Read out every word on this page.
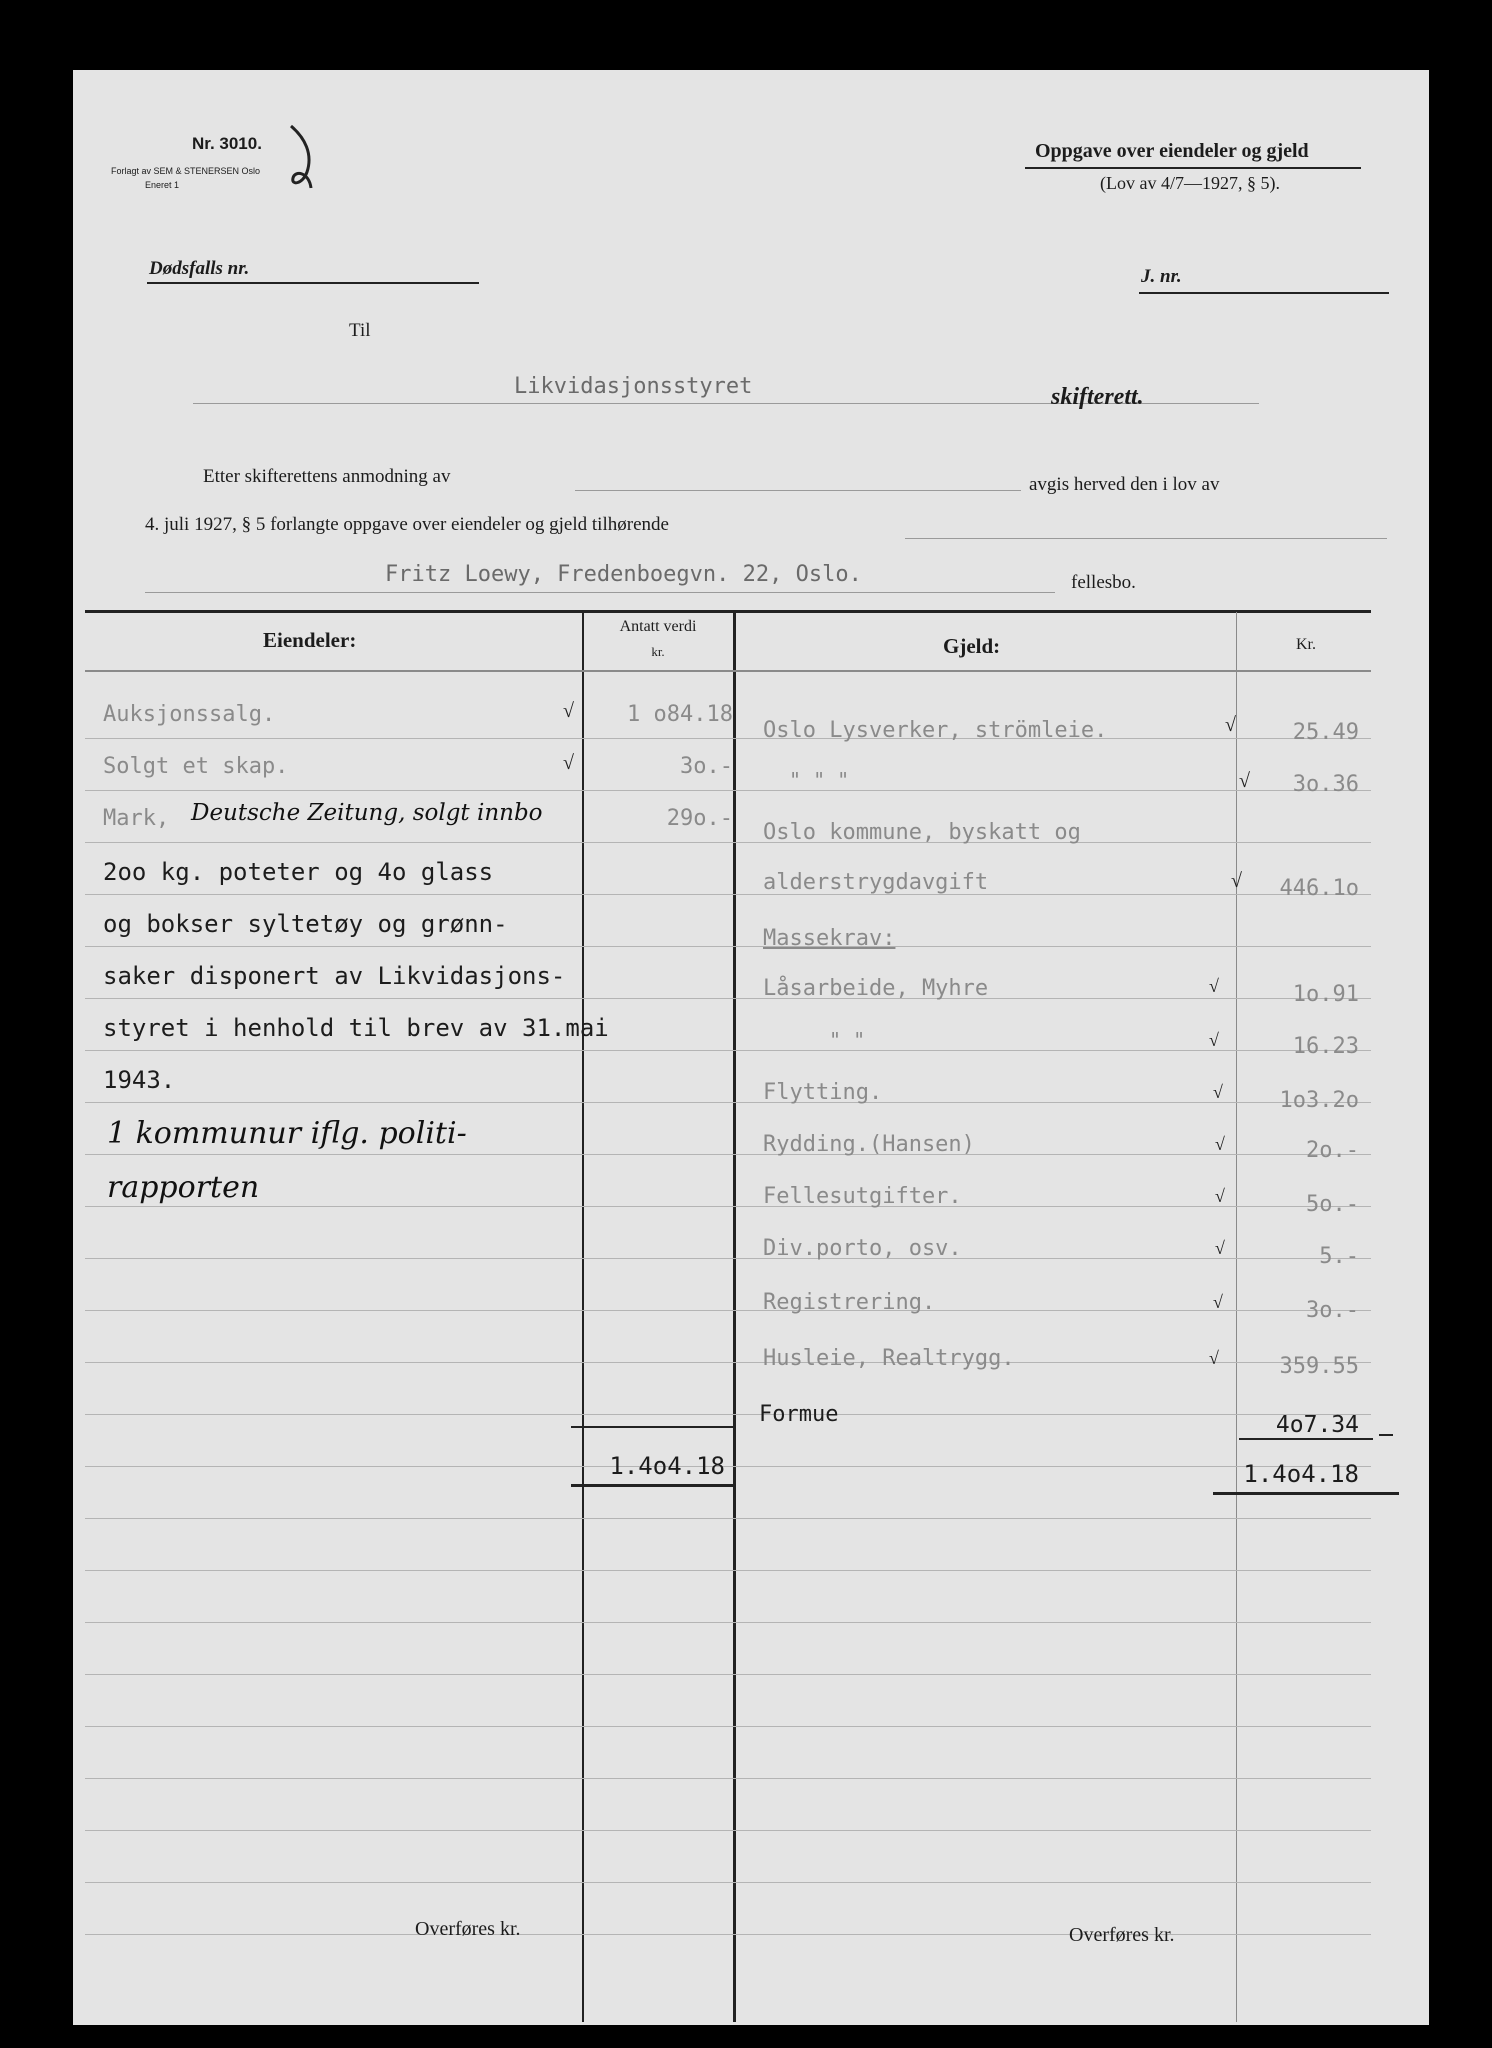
Nr. 3010.
Forlagt av SEM & STENERSEN Oslo
Eneret 1
Oppgave over eiendeler og gjeld
(Lov av 4/7—1927, § 5).
Dødsfalls nr.	J. nr.
Til
Likvidasjonsstyret	skifterett.
Etter skifterettens anmodning av	avgis herved den i lov av
4. juli 1927, § 5 forlangte oppgave over eiendeler og gjeld tilhørende
Fritz Loewy, Fredenboegvn. 22, Oslo.	fellesbo.
Eiendeler:
Antatt verdi
kr.	Gjeld:	Kr.
Auksjonssalg.	√	1 o84.18
Solgt et skap.	√	3o.-
Mark, Deutsche Zeitung, solgt innbo	29o.-
2oo kg. poteter og 4o glass
og bokser syltetøy og grønn-
saker disponert av Likvidasjons-
styret i henhold til brev av 31.mai
1943.
1 kommunur iflg. politi-
rapporten
Oslo Lysverker, strömleie.	√	25.49
" " "	√	3o.36
Oslo kommune, byskatt og
alderstrygdavgift	√	446.1o
Massekrav:
Låsarbeide, Myhre	√	1o.91
" "	√	16.23
Flytting.	√	1o3.2o
Rydding.(Hansen)	√	2o.-
Fellesutgifter.	√	5o.-
Div.porto, osv.	√	5.-
Registrering.	√	3o.-
Husleie, Realtrygg.	√	359.55
Formue	4o7.34
1.4o4.18	1.4o4.18
Overføres kr.	Overføres kr.
